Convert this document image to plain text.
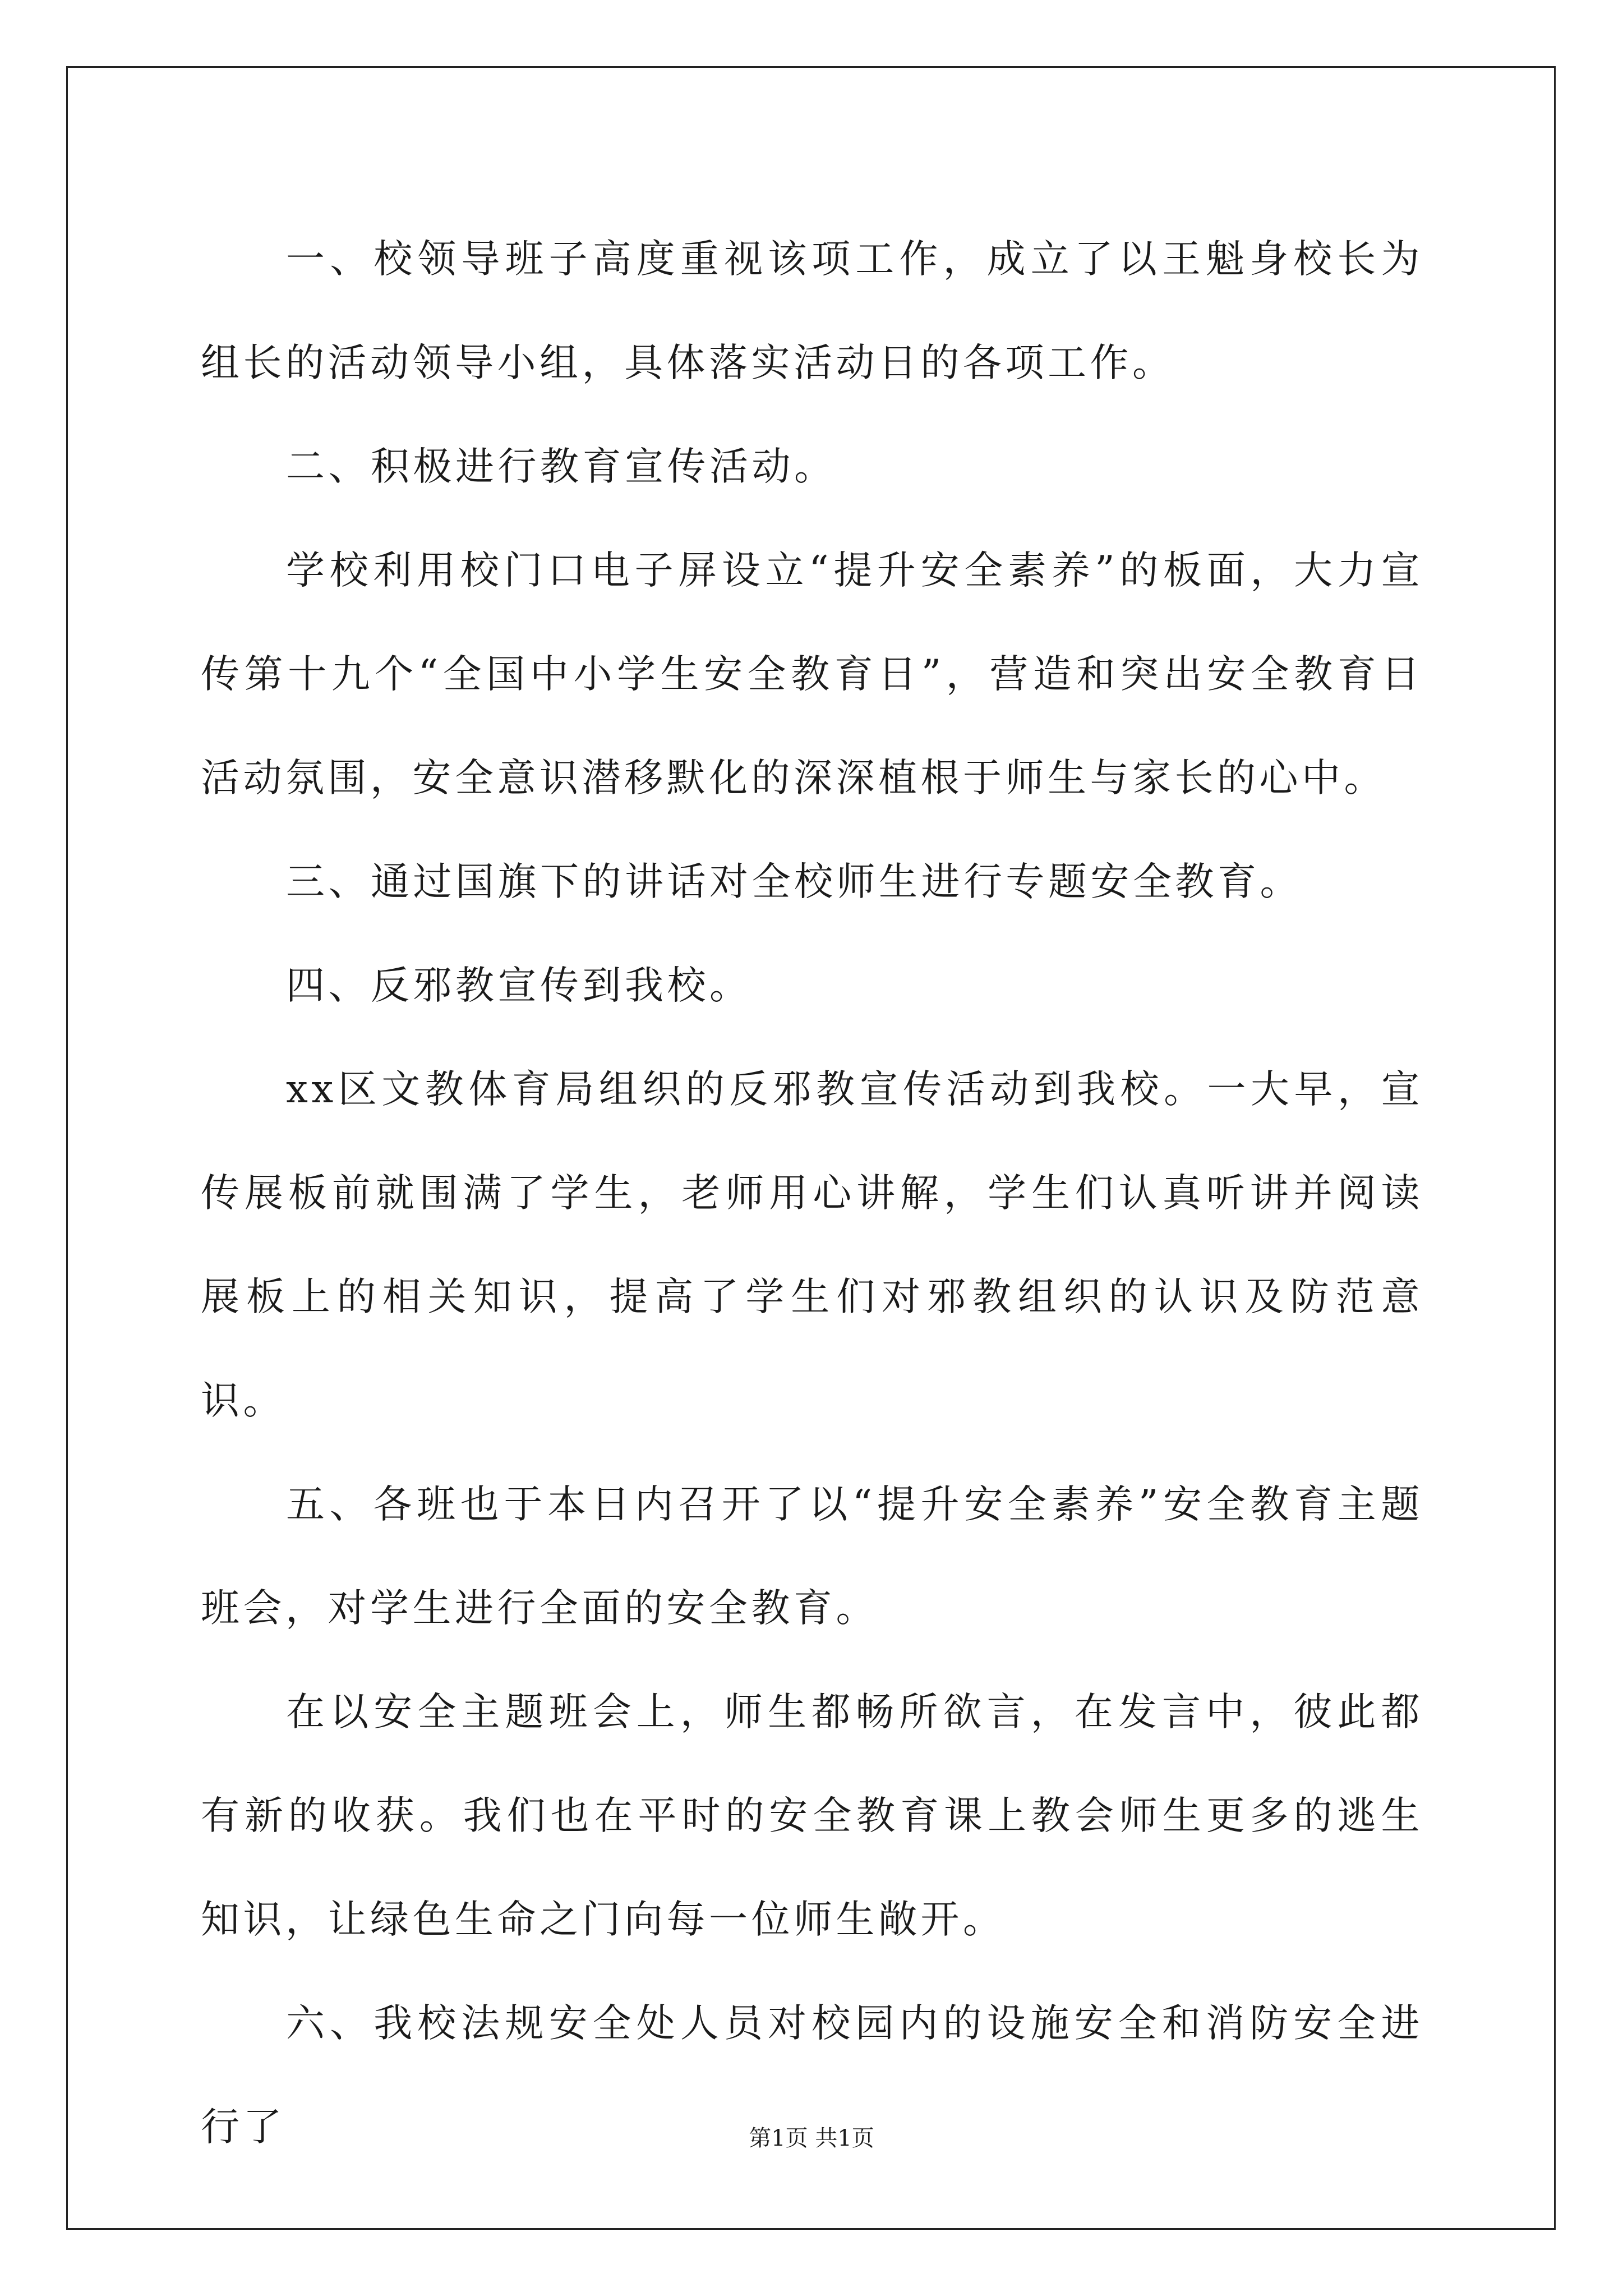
一、校领导班子高度重视该项工作，成立了以王魁身校长为组长的活动领导小组，具体落实活动日的各项工作。

二、积极进行教育宣传活动。

学校利用校门口电子屏设立“提升安全素养”的板面，大力宣传第十九个“全国中小学生安全教育日”，营造和突出安全教育日活动氛围，安全意识潜移默化的深深植根于师生与家长的心中。

三、通过国旗下的讲话对全校师生进行专题安全教育。

四、反邪教宣传到我校。

xx区文教体育局组织的反邪教宣传活动到我校。一大早，宣传展板前就围满了学生，老师用心讲解，学生们认真听讲并阅读展板上的相关知识，提高了学生们对邪教组织的认识及防范意识。

五、各班也于本日内召开了以“提升安全素养”安全教育主题班会，对学生进行全面的安全教育。

在以安全主题班会上，师生都畅所欲言，在发言中，彼此都有新的收获。我们也在平时的安全教育课上教会师生更多的逃生知识，让绿色生命之门向每一位师生敞开。

六、我校法规安全处人员对校园内的设施安全和消防安全进行了	第1页 共1页
